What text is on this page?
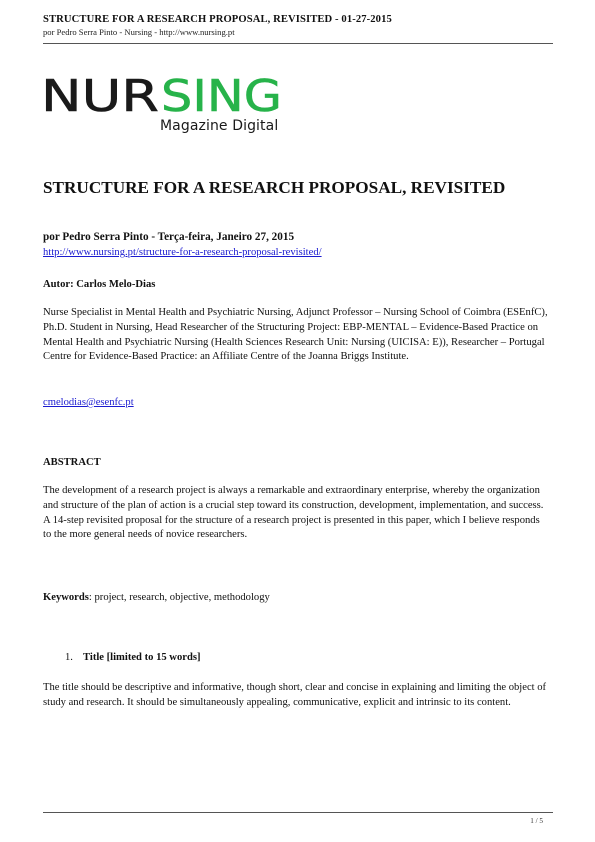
STRUCTURE FOR A RESEARCH PROPOSAL, REVISITED - 01-27-2015
por Pedro Serra Pinto - Nursing - http://www.nursing.pt
NUR SING
Magazine Digital
STRUCTURE FOR A RESEARCH PROPOSAL, REVISITED
por Pedro Serra Pinto - Terça-feira, Janeiro 27, 2015
http://www.nursing.pt/structure-for-a-research-proposal-revisited/
Autor: Carlos Melo-Dias

Nurse Specialist in Mental Health and Psychiatric Nursing, Adjunct Professor – Nursing School of Coimbra (ESEnfC), Ph.D. Student in Nursing, Head Researcher of the Structuring Project: EBP-MENTAL – Evidence-Based Practice on Mental Health and Psychiatric Nursing (Health Sciences Research Unit: Nursing (UICISA: E)), Researcher – Portugal Centre for Evidence-Based Practice: an Affiliate Centre of the Joanna Briggs Institute.

cmelodias@esenfc.pt
ABSTRACT

The development of a research project is always a remarkable and extraordinary enterprise, whereby the organization and structure of the plan of action is a crucial step toward its construction, development, implementation, and success. A 14-step revisited proposal for the structure of a research project is presented in this paper, which I believe responds to the more general needs of novice researchers.

Keywords: project, research, objective, methodology
1. Title [limited to 15 words]

The title should be descriptive and informative, though short, clear and concise in explaining and limiting the object of study and research. It should be simultaneously appealing, communicative, explicit and intrinsic to its content.

1 / 5
